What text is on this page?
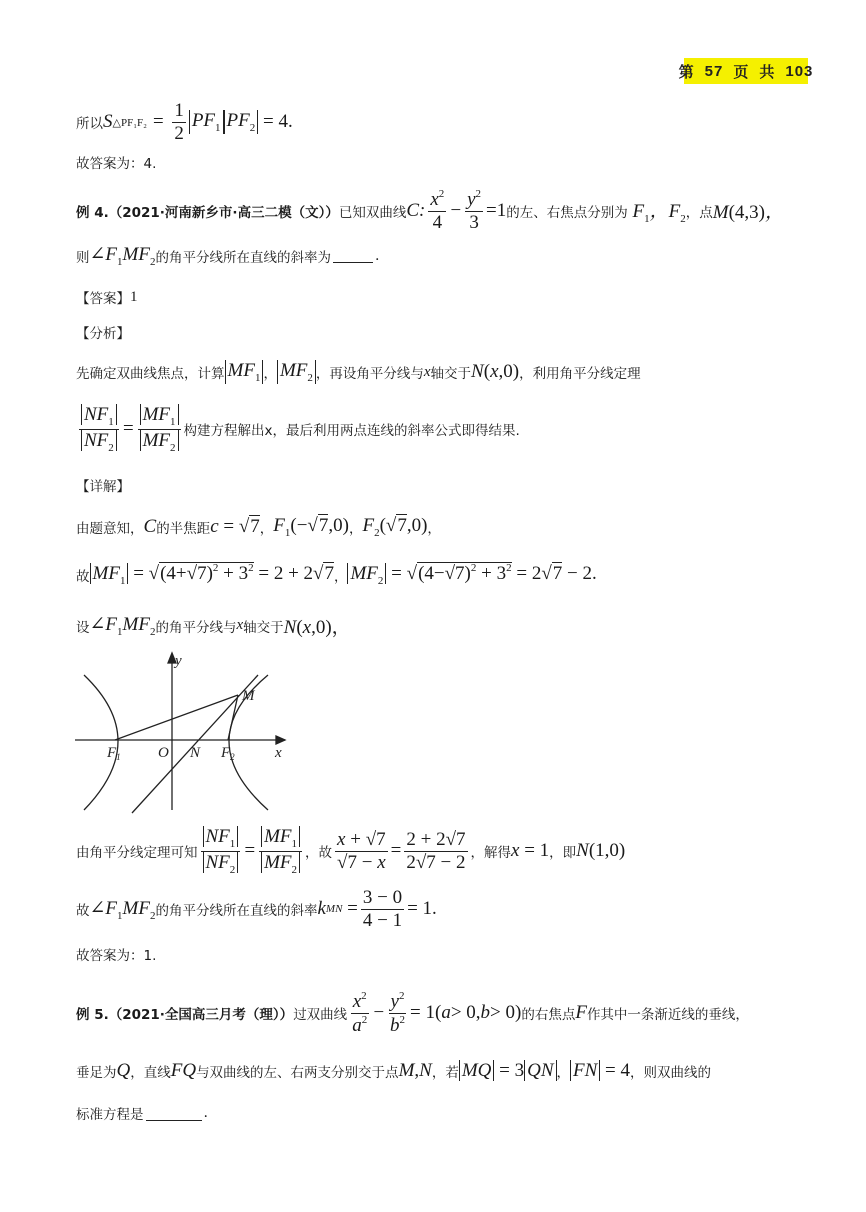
第 57 页 共 103
所以 S △PF₁F₂ = $\frac{1}{2} PF_1$ $PF_2 = 4$.
故答案为：4.
例 4. （2021·河南新乡市·高三二模（文）） 已知双曲线 C : $\frac{x^2}{4} - \frac{y^2}{3} =1$ 的左、右焦点分别为 $F_1$，$F_2$ ，点 M(4,3)，
则 $\angle F_1MF_2$ 的角平分线所在直线的斜率为	.
【答案】 1
【分析】
先确定双曲线焦点，计算 $MF_1$ ， $MF_2$ ，再设角平分线与 x 轴交于 N(x,0) ，利用角平分线定理
$\frac{NF_1}{NF_2} = \frac{MF_1}{MF_2}$ 构建方程解出x，最后利用两点连线的斜率公式即得结果.
【详解】
由题意知， C 的半焦距 c = √7 ， $F_1(-√7,0)$ ， $F_2(√7,0)$ ，
故 $MF_1 = √(4+√7)^2 + 3^2 = 2 + 2√7$ ， $MF_2 = √(4-√7)^2 + 3^2 = 2√7 - 2$.
设 $\angle F_1MF_2$ 的角平分线与 x 轴交于 N(x,0)，
y
x
O
$F_1$	N $F_2$
M
由角平分线定理可知 $\frac{NF_1}{NF_2} = \frac{MF_1}{MF_2}$ ，故 $\frac{x + √7}{√7 - x} = \frac{2 + 2√7}{2√7 - 2}$ ，解得 x = 1 ，即 N(1,0)
故 $\angle F_1MF_2$ 的角平分线所在直线的斜率 k MN
= $\frac{3 - 0}{4 - 1} = 1$.
故答案为：1.
例 5. （2021·全国高三月考（理）） 过双曲线 $\frac{x^2}{a^2} - \frac{y^2}{b^2} = 1$( a > 0, b > 0) 的右焦点 F 作其中一条渐近线的垂线，
垂足为 Q ，直线 FQ 与双曲线的左、右两支分别交于点 M,N ，若 MQ = 3 QN ， FN = 4 ，则双曲线的
标准方程是	.
